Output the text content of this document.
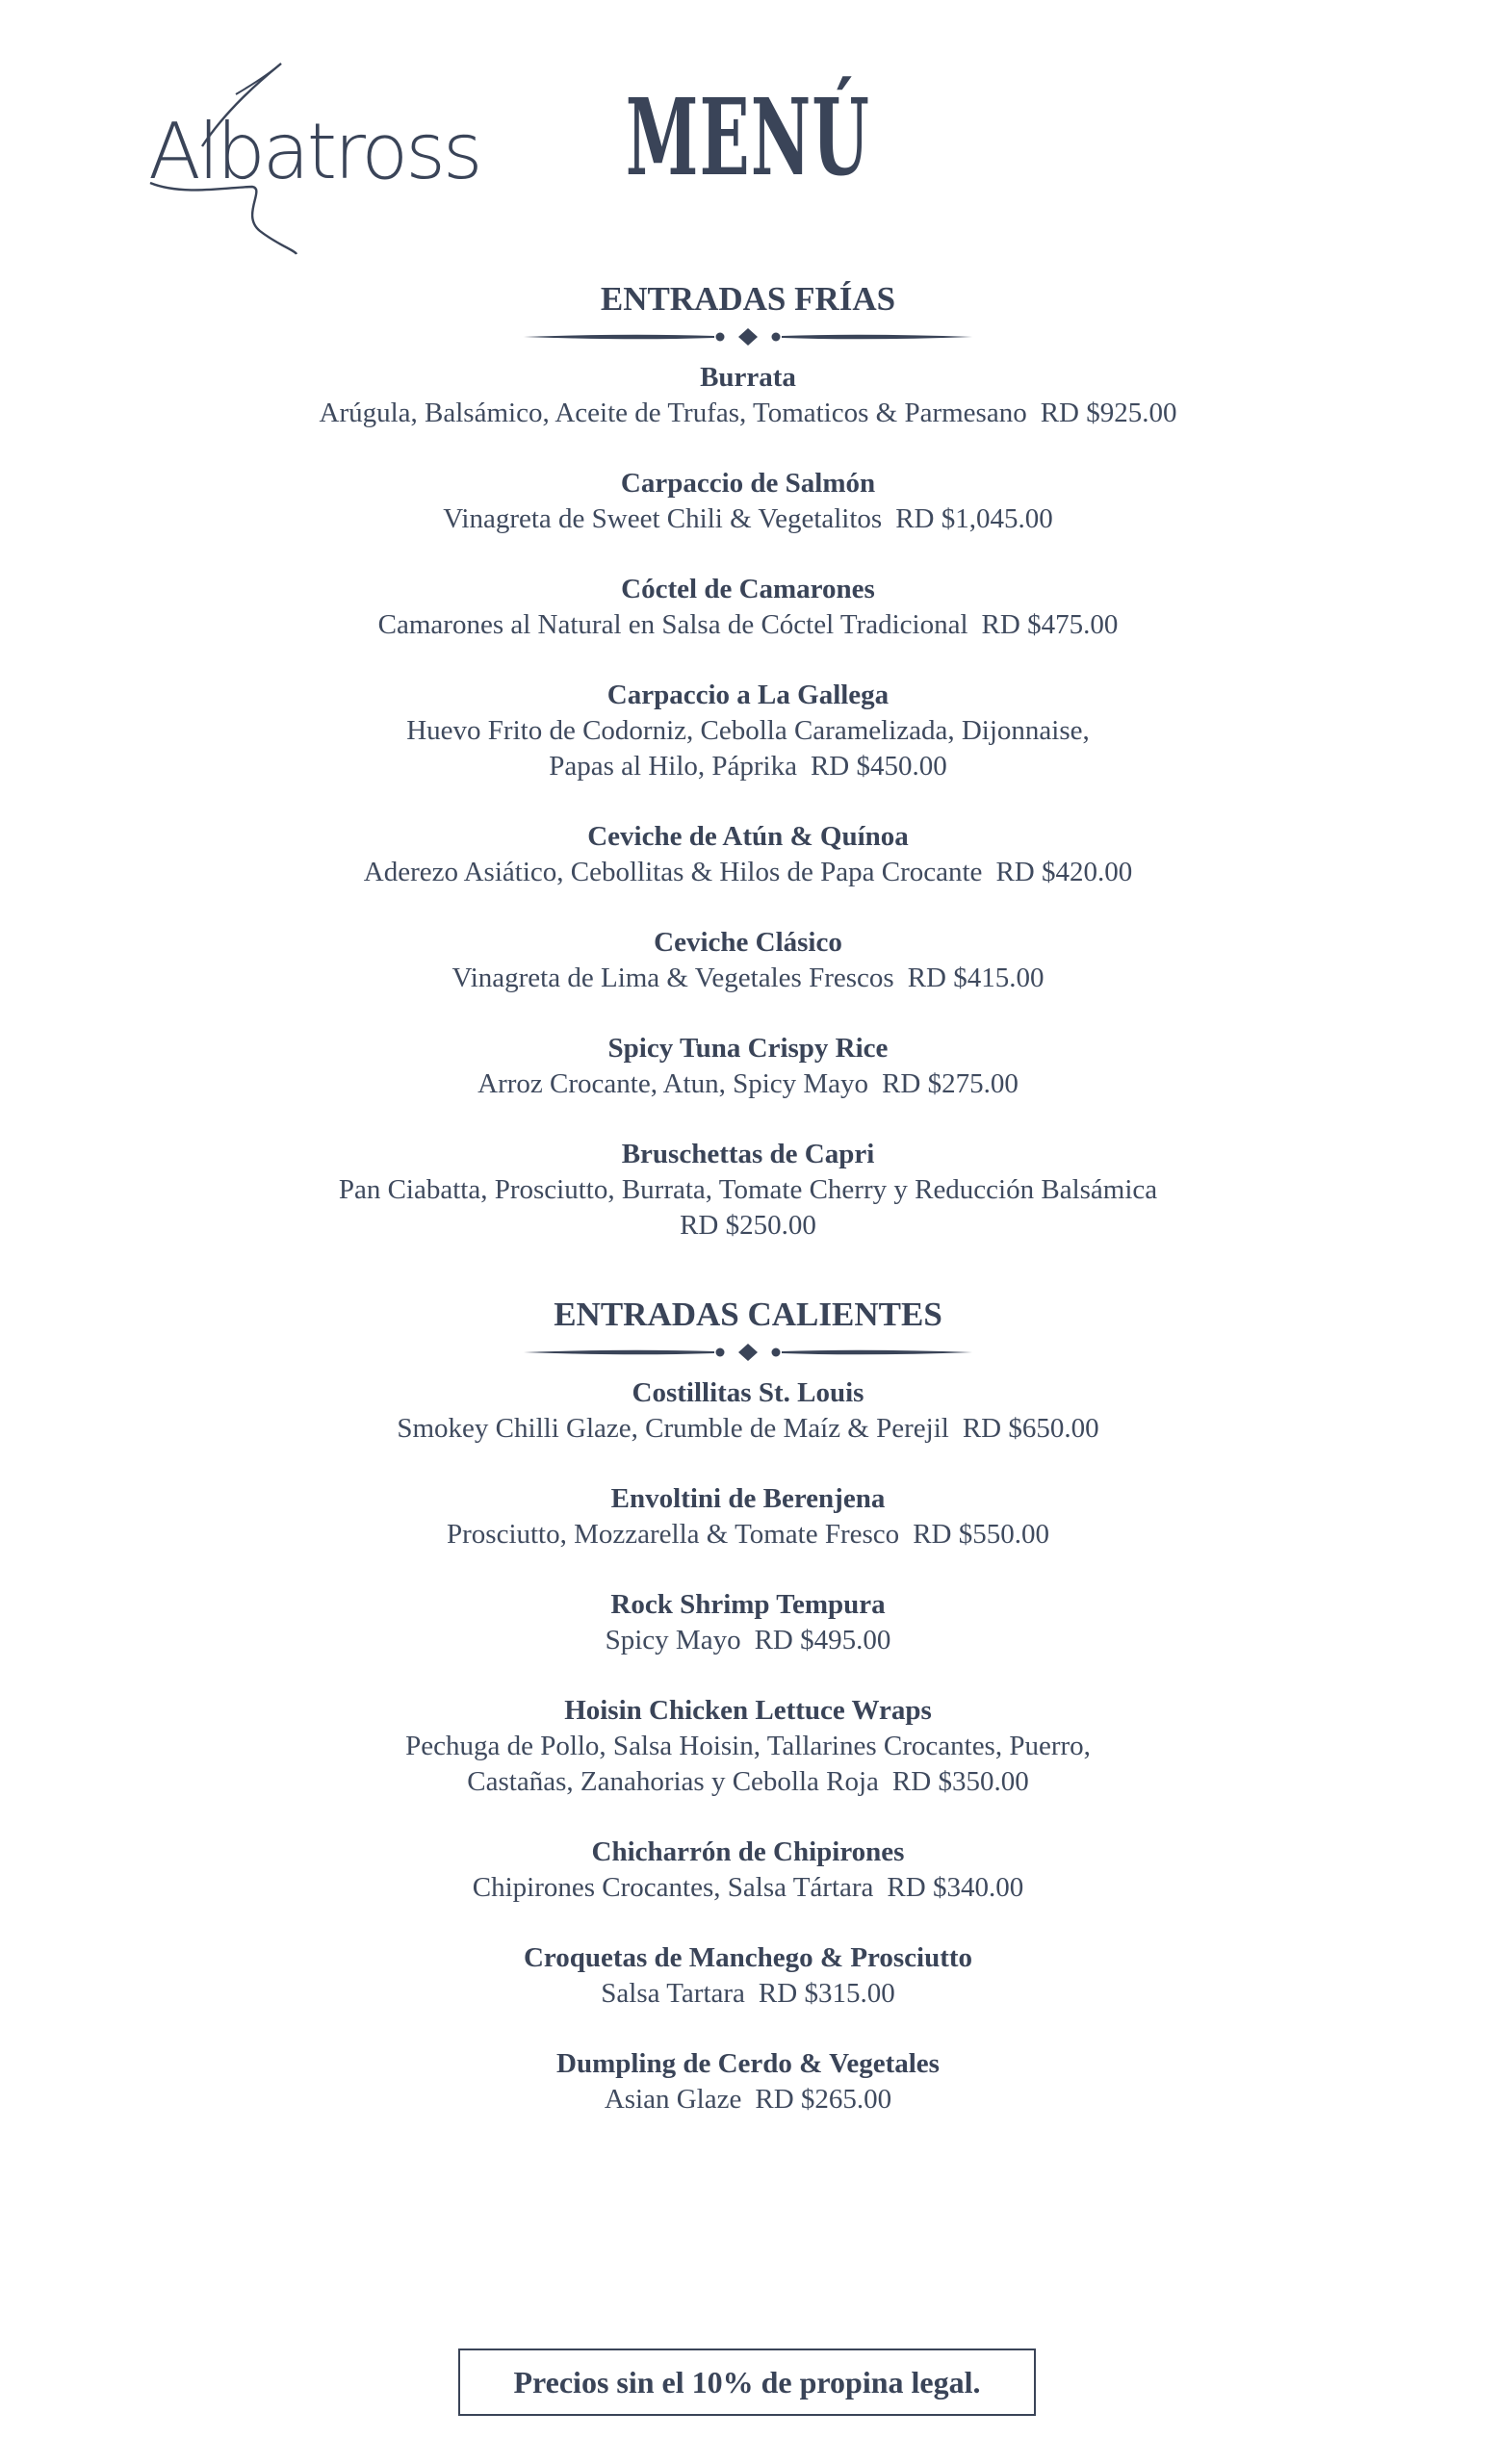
Albatross	MENÚ
ENTRADAS FRÍAS
Burrata
Arúgula, Balsámico, Aceite de Trufas, Tomaticos & Parmesano RD $925.00
Carpaccio de Salmón
Vinagreta de Sweet Chili & Vegetalitos RD $1,045.00
Cóctel de Camarones
Camarones al Natural en Salsa de Cóctel Tradicional RD $475.00
Carpaccio a La Gallega
Huevo Frito de Codorniz, Cebolla Caramelizada, Dijonnaise,
Papas al Hilo, Páprika RD $450.00
Ceviche de Atún & Quínoa
Aderezo Asiático, Cebollitas & Hilos de Papa Crocante RD $420.00
Ceviche Clásico
Vinagreta de Lima & Vegetales Frescos RD $415.00
Spicy Tuna Crispy Rice
Arroz Crocante, Atun, Spicy Mayo RD $275.00
Bruschettas de Capri
Pan Ciabatta, Prosciutto, Burrata, Tomate Cherry y Reducción Balsámica
RD $250.00
ENTRADAS CALIENTES
Costillitas St. Louis
Smokey Chilli Glaze, Crumble de Maíz & Perejil RD $650.00
Envoltini de Berenjena
Prosciutto, Mozzarella & Tomate Fresco RD $550.00
Rock Shrimp Tempura
Spicy Mayo RD $495.00
Hoisin Chicken Lettuce Wraps
Pechuga de Pollo, Salsa Hoisin, Tallarines Crocantes, Puerro,
Castañas, Zanahorias y Cebolla Roja RD $350.00
Chicharrón de Chipirones
Chipirones Crocantes, Salsa Tártara RD $340.00
Croquetas de Manchego & Prosciutto
Salsa Tartara RD $315.00
Dumpling de Cerdo & Vegetales
Asian Glaze RD $265.00
Precios sin el 10% de propina legal.
